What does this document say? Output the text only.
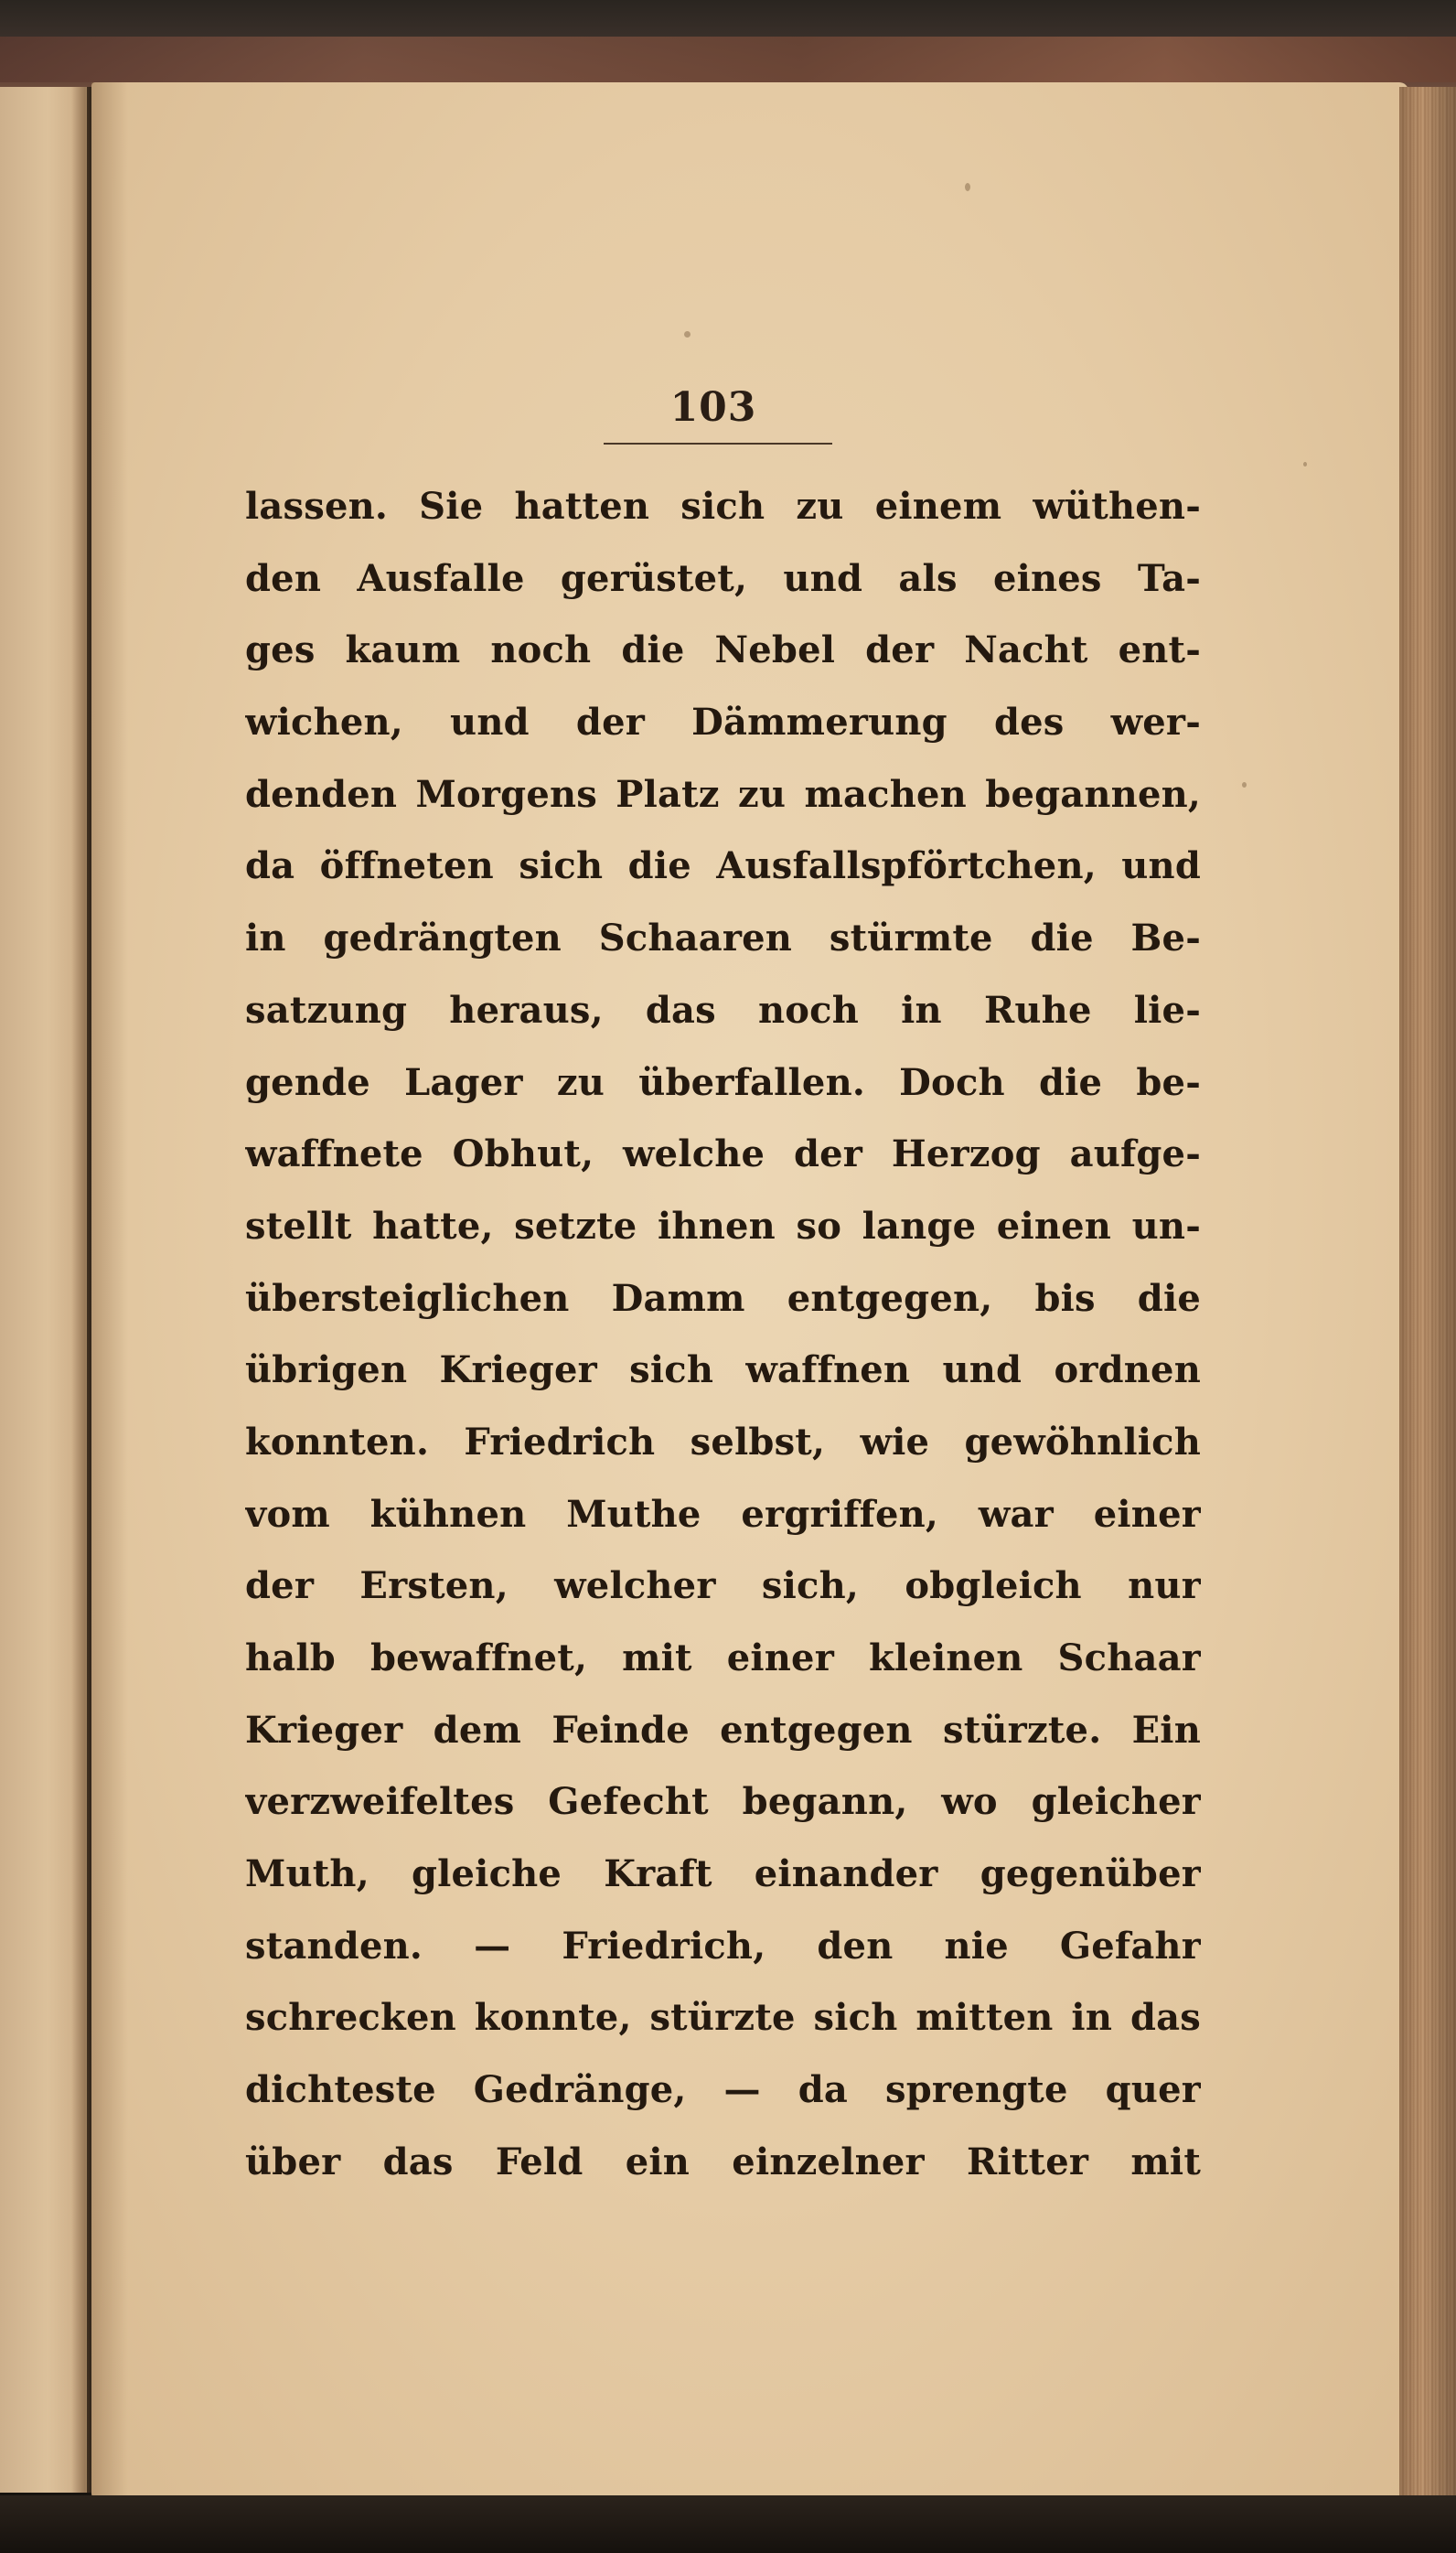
103
lassen. Sie hatten sich zu einem wüthen-
den Ausfalle gerüstet, und als eines Ta-
ges kaum noch die Nebel der Nacht ent-
wichen, und der Dämmerung des wer-
denden Morgens Platz zu machen begannen,
da öffneten sich die Ausfallspförtchen, und
in gedrängten Schaaren stürmte die Be-
satzung heraus, das noch in Ruhe lie-
gende Lager zu überfallen. Doch die be-
waffnete Obhut, welche der Herzog aufge-
stellt hatte, setzte ihnen so lange einen un-
übersteiglichen Damm entgegen, bis die
übrigen Krieger sich waffnen und ordnen
konnten. Friedrich selbst, wie gewöhnlich
vom kühnen Muthe ergriffen, war einer
der Ersten, welcher sich, obgleich nur
halb bewaffnet, mit einer kleinen Schaar
Krieger dem Feinde entgegen stürzte. Ein
verzweifeltes Gefecht begann, wo gleicher
Muth, gleiche Kraft einander gegenüber
standen. — Friedrich, den nie Gefahr
schrecken konnte, stürzte sich mitten in das
dichteste Gedränge, — da sprengte quer
über das Feld ein einzelner Ritter mit
